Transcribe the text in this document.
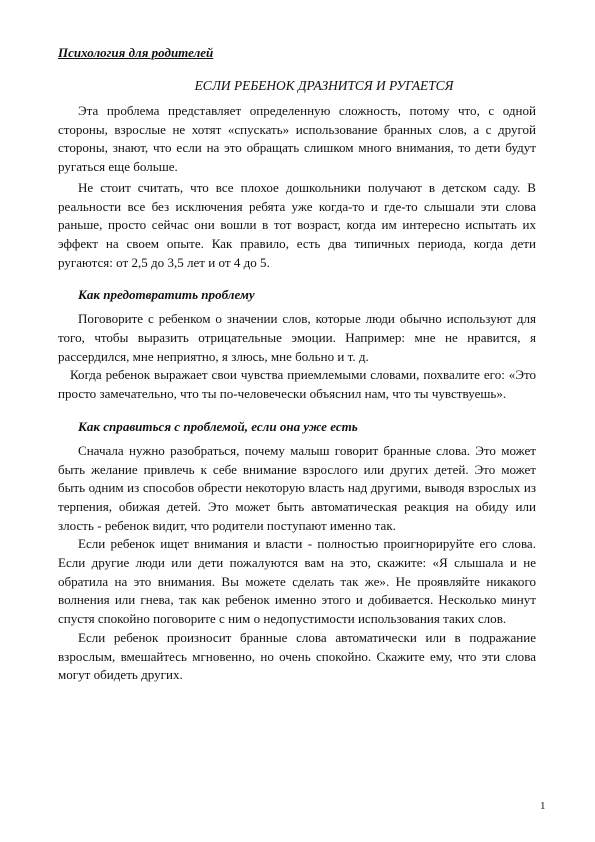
Психология для родителей
ЕСЛИ РЕБЕНОК ДРАЗНИТСЯ И РУГАЕТСЯ

Эта проблема представляет определенную сложность, потому что, с одной стороны, взрослые не хотят «спускать» использование бранных слов, а с другой стороны, знают, что если на это обращать слишком много внимания, то дети будут ругаться еще больше.

Не стоит считать, что все плохое дошкольники получают в детском саду. В реальности все без исключения ребята уже когда-то и где-то слышали эти слова раньше, просто сейчас они вошли в тот возраст, когда им интересно испытать их эффект на своем опыте. Как правило, есть два типичных периода, когда дети ругаются: от 2,5 до 3,5 лет и от 4 до 5.

Как предотвратить проблему

Поговорите с ребенком о значении слов, которые люди обычно используют для того, чтобы выразить отрицательные эмоции. Например: мне не нравится, я рассердился, мне неприятно, я злюсь, мне больно и т. д.

Когда ребенок выражает свои чувства приемлемыми словами, похвалите его: «Это просто замечательно, что ты по-человечески объяснил нам, что ты чувствуешь».

Как справиться с проблемой, если она уже есть

Сначала нужно разобраться, почему малыш говорит бранные слова. Это может быть желание привлечь к себе внимание взрослого или других детей. Это может быть одним из способов обрести некоторую власть над другими, выводя взрослых из терпения, обижая детей. Это может быть автоматическая реакция на обиду или злость - ребенок видит, что родители поступают именно так.

Если ребенок ищет внимания и власти - полностью проигнорируйте его слова. Если другие люди или дети пожалуются вам на это, скажите: «Я слышала и не обратила на это внимания. Вы можете сделать так же». Не проявляйте никакого волнения или гнева, так как ребенок именно этого и добивается. Несколько минут спустя спокойно поговорите с ним о недопустимости использования таких слов.

Если ребенок произносит бранные слова автоматически или в подражание взрослым, вмешайтесь мгновенно, но очень спокойно. Скажите ему, что эти слова могут обидеть других.

1
